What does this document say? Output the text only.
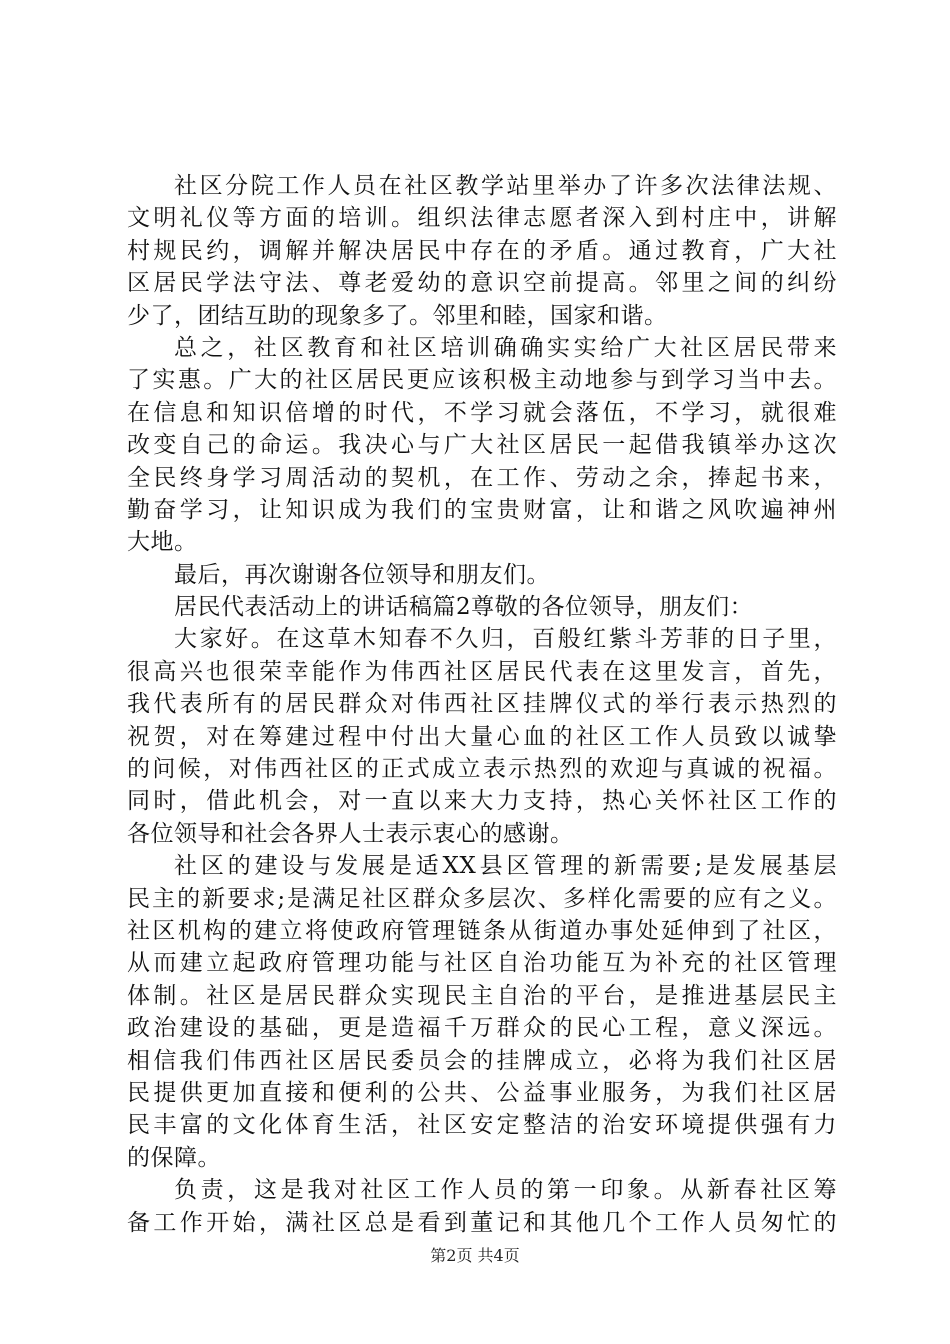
社区分院工作人员在社区教学站里举办了许多次法律法规、
文明礼仪等方面的培训。组织法律志愿者深入到村庄中，讲解
村规民约，调解并解决居民中存在的矛盾。通过教育，广大社
区居民学法守法、尊老爱幼的意识空前提高。邻里之间的纠纷
少了，团结互助的现象多了。邻里和睦，国家和谐。
总之，社区教育和社区培训确确实实给广大社区居民带来
了实惠。广大的社区居民更应该积极主动地参与到学习当中去。
在信息和知识倍增的时代，不学习就会落伍，不学习，就很难
改变自己的命运。我决心与广大社区居民一起借我镇举办这次
全民终身学习周活动的契机，在工作、劳动之余，捧起书来，
勤奋学习，让知识成为我们的宝贵财富，让和谐之风吹遍神州
大地。
最后，再次谢谢各位领导和朋友们。
居民代表活动上的讲话稿篇2尊敬的各位领导，朋友们：
大家好。在这草木知春不久归，百般红紫斗芳菲的日子里，
很高兴也很荣幸能作为伟西社区居民代表在这里发言，首先，
我代表所有的居民群众对伟西社区挂牌仪式的举行表示热烈的
祝贺，对在筹建过程中付出大量心血的社区工作人员致以诚挚
的问候，对伟西社区的正式成立表示热烈的欢迎与真诚的祝福。
同时，借此机会，对一直以来大力支持，热心关怀社区工作的
各位领导和社会各界人士表示衷心的感谢。
社区的建设与发展是适XX县区管理的新需要;是发展基层
民主的新要求;是满足社区群众多层次、多样化需要的应有之义。
社区机构的建立将使政府管理链条从街道办事处延伸到了社区，
从而建立起政府管理功能与社区自治功能互为补充的社区管理
体制。社区是居民群众实现民主自治的平台，是推进基层民主
政治建设的基础，更是造福千万群众的民心工程，意义深远。
相信我们伟西社区居民委员会的挂牌成立，必将为我们社区居
民提供更加直接和便利的公共、公益事业服务，为我们社区居
民丰富的文化体育生活，社区安定整洁的治安环境提供强有力
的保障。
负责，这是我对社区工作人员的第一印象。从新春社区筹
备工作开始，满社区总是看到董记和其他几个工作人员匆忙的
第2页 共4页
